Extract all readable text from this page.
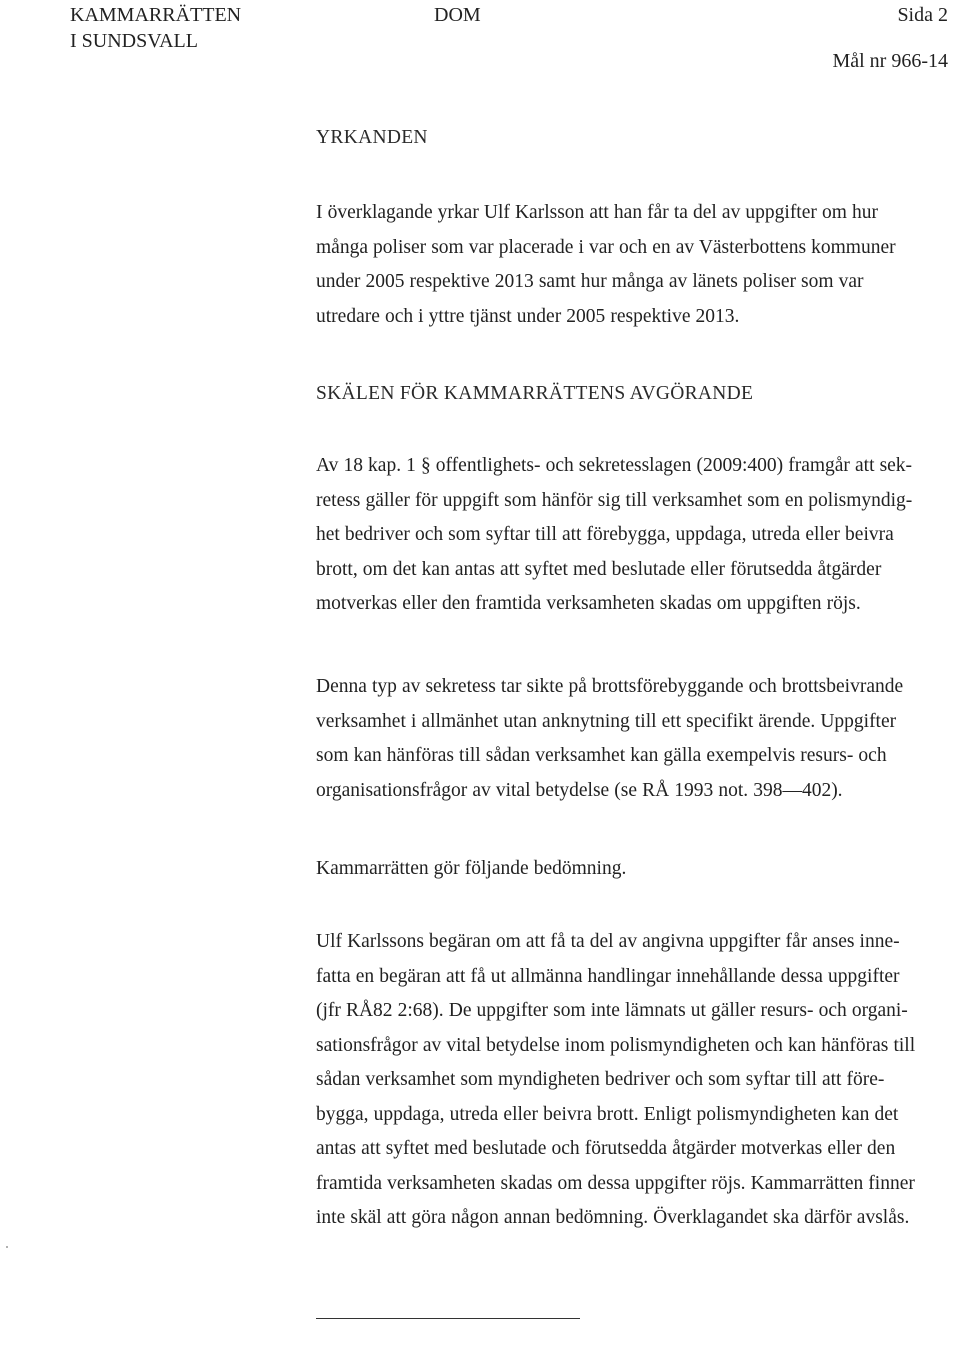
KAMMARRÄTTEN
I SUNDSVALL
DOM	Sida 2
Mål nr 966-14
YRKANDEN
I överklagande yrkar Ulf Karlsson att han får ta del av uppgifter om hur
många poliser som var placerade i var och en av Västerbottens kommuner
under 2005 respektive 2013 samt hur många av länets poliser som var
utredare och i yttre tjänst under 2005 respektive 2013.
SKÄLEN FÖR KAMMARRÄTTENS AVGÖRANDE
Av 18 kap. 1 § offentlighets- och sekretesslagen (2009:400) framgår att sek-
retess gäller för uppgift som hänför sig till verksamhet som en polismyndig-
het bedriver och som syftar till att förebygga, uppdaga, utreda eller beivra
brott, om det kan antas att syftet med beslutade eller förutsedda åtgärder
motverkas eller den framtida verksamheten skadas om uppgiften röjs.
Denna typ av sekretess tar sikte på brottsförebyggande och brottsbeivrande
verksamhet i allmänhet utan anknytning till ett specifikt ärende. Uppgifter
som kan hänföras till sådan verksamhet kan gälla exempelvis resurs- och
organisationsfrågor av vital betydelse (se RÅ 1993 not. 398—402).
Kammarrätten gör följande bedömning.
Ulf Karlssons begäran om att få ta del av angivna uppgifter får anses inne-
fatta en begäran att få ut allmänna handlingar innehållande dessa uppgifter
(jfr RÅ82 2:68). De uppgifter som inte lämnats ut gäller resurs- och organi-
sationsfrågor av vital betydelse inom polismyndigheten och kan hänföras till
sådan verksamhet som myndigheten bedriver och som syftar till att före-
bygga, uppdaga, utreda eller beivra brott. Enligt polismyndigheten kan det
antas att syftet med beslutade och förutsedda åtgärder motverkas eller den
framtida verksamheten skadas om dessa uppgifter röjs. Kammarrätten finner
inte skäl att göra någon annan bedömning. Överklagandet ska därför avslås.
